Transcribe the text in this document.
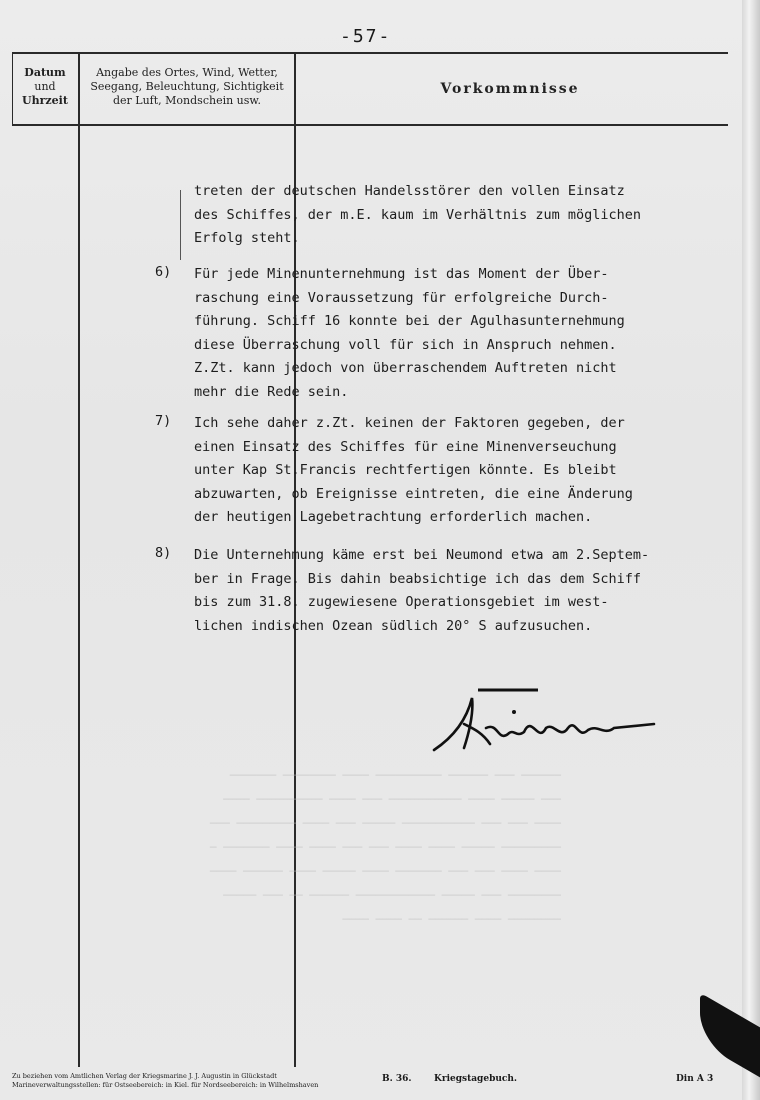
-57-
Datum
und
Uhrzeit
Angabe des Ortes, Wind, Wetter,
Seegang, Beleuchtung, Sichtigkeit
der Luft, Mondschein usw.
Vorkommnisse
treten der deutschen Handelsstörer den vollen Einsatz
des Schiffes, der m.E. kaum im Verhältnis zum möglichen
Erfolg steht.
6) Für jede Minenunternehmung ist das Moment der Über-
raschung eine Voraussetzung für erfolgreiche Durch-
führung. Schiff 16 konnte bei der Agulhasunternehmung
diese Überraschung voll für sich in Anspruch nehmen.
Z.Zt. kann jedoch von überraschendem Auftreten nicht
mehr die Rede sein.
7) Ich sehe daher z.Zt. keinen der Faktoren gegeben, der
einen Einsatz des Schiffes für eine Minenverseuchung
unter Kap St.Francis rechtfertigen könnte. Es bleibt
abzuwarten, ob Ereignisse eintreten, die eine Änderung
der heutigen Lagebetrachtung erforderlich machen.
8) Die Unternehmung käme erst bei Neumond etwa am 2.Septem-
ber in Frage. Bis dahin beabsichtige ich das dem Schiff
bis zum 31.8. zugewiesene Operationsgebiet im west-
lichen indischen Ozean südlich 20° S aufzusuchen.
────── ─── ────── ────────── ──── ──────── ───────
─── ───── ──── ─────────── ─── ──── ────────── ────
──── ─── ─── ─────────── ───── ─── ──── ───────── ───
───────── ───── ──── ──── ─── ─── ──── ──── ─────── ─
──── ──── ─── ─── ─────── ──── ───── ──── ────── ────
──────── ─── ───── ──────────── ────── ── ─── ─────
──────── ──── ────── ── ──── ────
Zu beziehen vom Amtlichen Verlag der Kriegsmarine J. J. Augustin in Glückstadt
Marineverwaltungsstellen: für Ostseebereich: in Kiel. für Nordseebereich: in Wilhelmshaven
B. 36. Kriegstagebuch.	Din A 3
